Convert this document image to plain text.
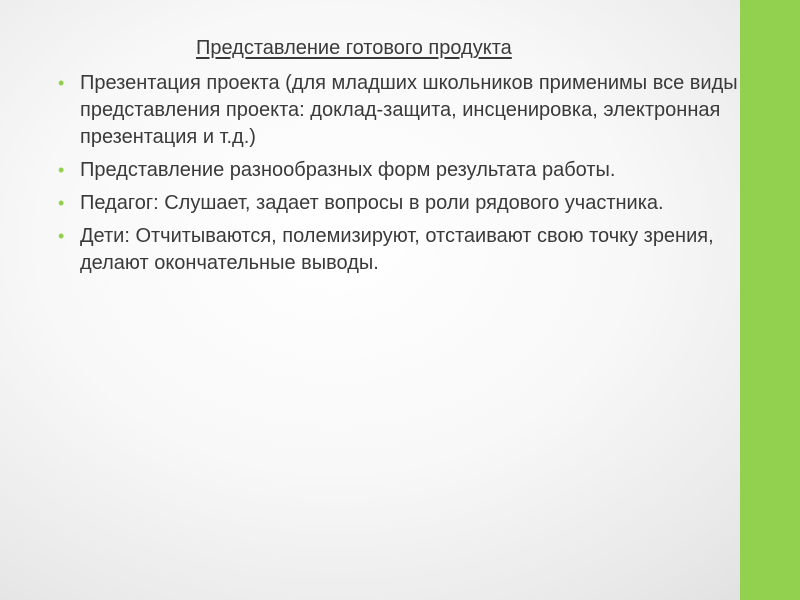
Представление готового продукта
• Презентация проекта (для младших школьников применимы все виды представления проекта: доклад-защита, инсценировка, электронная презентация и т.д.)
• Представление разнообразных форм результата работы.
• Педагог: Слушает, задает вопросы в роли рядового участника.
• Дети: Отчитываются, полемизируют, отстаивают свою точку зрения, делают окончательные выводы.
